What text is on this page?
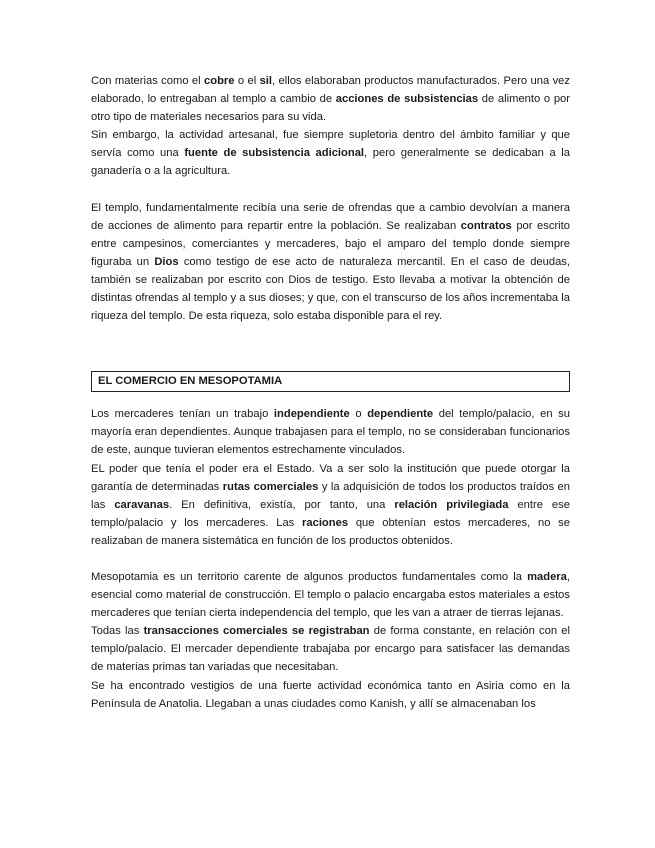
Con materias como el cobre o el sil, ellos elaboraban productos manufacturados. Pero una vez elaborado, lo entregaban al templo a cambio de acciones de subsistencias de alimento o por otro tipo de materiales necesarios para su vida.

Sin embargo, la actividad artesanal, fue siempre supletoria dentro del ámbito familiar y que servía como una fuente de subsistencia adicional, pero generalmente se dedicaban a la ganadería o a la agricultura.

El templo, fundamentalmente recibía una serie de ofrendas que a cambio devolvían a manera de acciones de alimento para repartir entre la población. Se realizaban contratos por escrito entre campesinos, comerciantes y mercaderes, bajo el amparo del templo donde siempre figuraba un Dios como testigo de ese acto de naturaleza mercantil. En el caso de deudas, también se realizaban por escrito con Dios de testigo. Esto llevaba a motivar la obtención de distintas ofrendas al templo y a sus dioses; y que, con el transcurso de los años incrementaba la riqueza del templo. De esta riqueza, solo estaba disponible para el rey.

EL COMERCIO EN MESOPOTAMIA

Los mercaderes tenían un trabajo independiente o dependiente del templo/palacio, en su mayoría eran dependientes. Aunque trabajasen para el templo, no se consideraban funcionarios de este, aunque tuvieran elementos estrechamente vinculados.

EL poder que tenía el poder era el Estado. Va a ser solo la institución que puede otorgar la garantía de determinadas rutas comerciales y la adquisición de todos los productos traídos en las caravanas. En definitiva, existía, por tanto, una relación privilegiada entre ese templo/palacio y los mercaderes. Las raciones que obtenían estos mercaderes, no se realizaban de manera sistemática en función de los productos obtenidos.

Mesopotamia es un territorio carente de algunos productos fundamentales como la madera, esencial como material de construcción. El templo o palacio encargaba estos materiales a estos mercaderes que tenían cierta independencia del templo, que les van a atraer de tierras lejanas.

Todas las transacciones comerciales se registraban de forma constante, en relación con el templo/palacio. El mercader dependiente trabajaba por encargo para satisfacer las demandas de materias primas tan variadas que necesitaban.

Se ha encontrado vestigios de una fuerte actividad económica tanto en Asiria como en la Península de Anatolia. Llegaban a unas ciudades como Kanish, y allí se almacenaban los
